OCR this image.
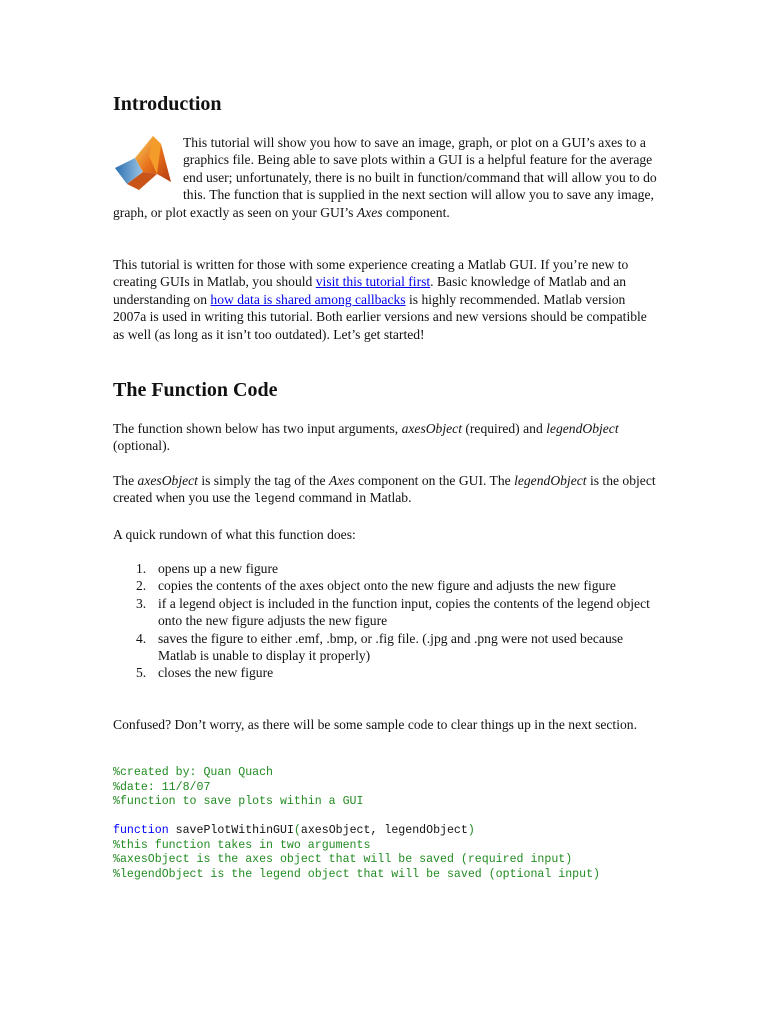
Introduction

This tutorial will show you how to save an image, graph, or plot on a GUI’s axes to a graphics file. Being able to save plots within a GUI is a helpful feature for the average end user; unfortunately, there is no built in function/command that will allow you to do this. The function that is supplied in the next section will allow you to save any image, graph, or plot exactly as seen on your GUI’s Axes component.

This tutorial is written for those with some experience creating a Matlab GUI. If you’re new to creating GUIs in Matlab, you should visit this tutorial first. Basic knowledge of Matlab and an understanding on how data is shared among callbacks is highly recommended. Matlab version 2007a is used in writing this tutorial. Both earlier versions and new versions should be compatible as well (as long as it isn’t too outdated). Let’s get started!

The Function Code

The function shown below has two input arguments, axesObject (required) and legendObject (optional).

The axesObject is simply the tag of the Axes component on the GUI. The legendObject is the object created when you use the legend command in Matlab.

A quick rundown of what this function does:

1. opens up a new figure
2. copies the contents of the axes object onto the new figure and adjusts the new figure
3. if a legend object is included in the function input, copies the contents of the legend object onto the new figure adjusts the new figure
4. saves the figure to either .emf, .bmp, or .fig file. (.jpg and .png were not used because Matlab is unable to display it properly)
5. closes the new figure

Confused? Don’t worry, as there will be some sample code to clear things up in the next section.

%created by: Quan Quach
%date: 11/8/07
%function to save plots within a GUI
function savePlotWithinGUI(axesObject, legendObject)
%this function takes in two arguments
%axesObject is the axes object that will be saved (required input)
%legendObject is the legend object that will be saved (optional input)
